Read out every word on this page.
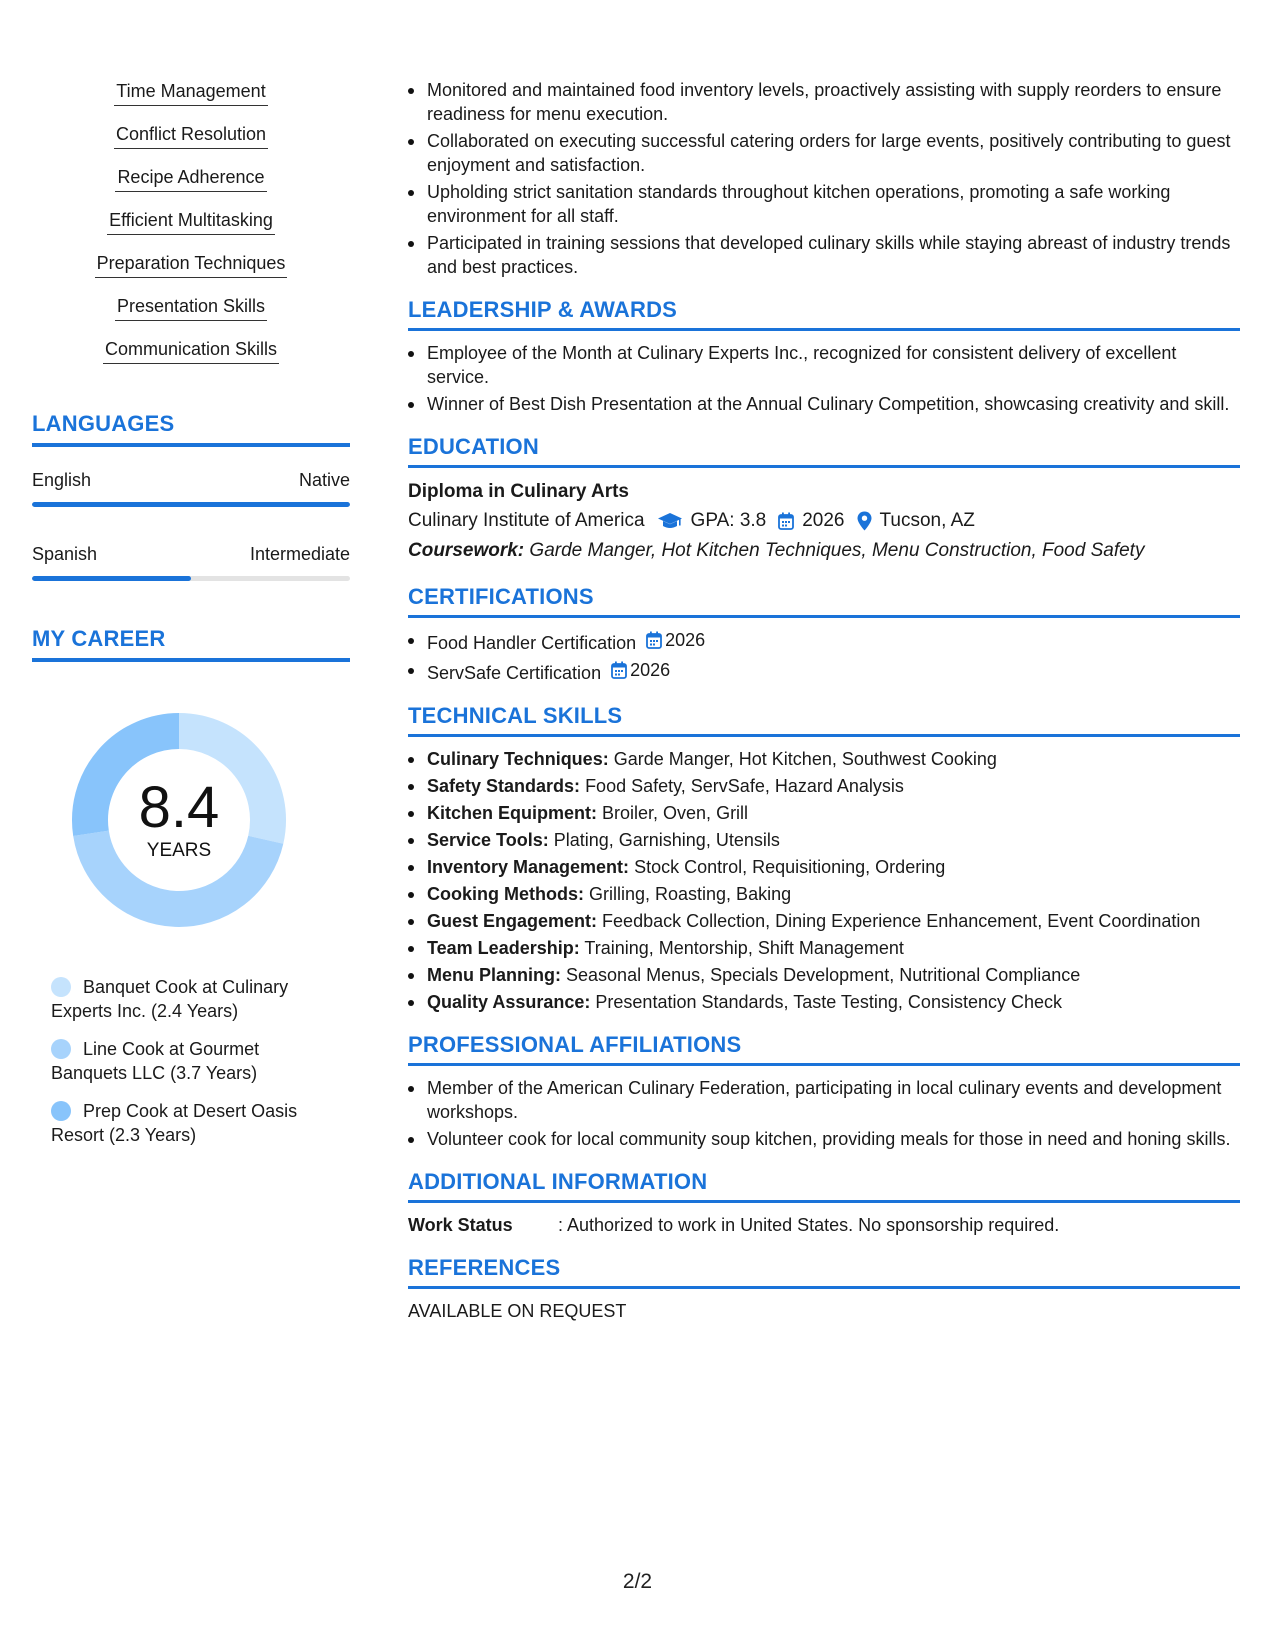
Time Management
Conflict Resolution
Recipe Adherence
Efficient Multitasking
Preparation Techniques
Presentation Skills
Communication Skills
LANGUAGES
English	Native
Spanish	Intermediate
MY CAREER
8.4
YEARS
Banquet Cook at Culinary Experts Inc. (2.4 Years)
Line Cook at Gourmet Banquets LLC (3.7 Years)
Prep Cook at Desert Oasis Resort (2.3 Years)
Monitored and maintained food inventory levels, proactively assisting with supply reorders to ensure readiness for menu execution.
Collaborated on executing successful catering orders for large events, positively contributing to guest enjoyment and satisfaction.
Upholding strict sanitation standards throughout kitchen operations, promoting a safe working environment for all staff.
Participated in training sessions that developed culinary skills while staying abreast of industry trends and best practices.
LEADERSHIP & AWARDS
Employee of the Month at Culinary Experts Inc., recognized for consistent delivery of excellent service.
Winner of Best Dish Presentation at the Annual Culinary Competition, showcasing creativity and skill.
EDUCATION
Diploma in Culinary Arts
Culinary Institute of America GPA: 3.8 2026 Tucson, AZ
Coursework: Garde Manger, Hot Kitchen Techniques, Menu Construction, Food Safety
CERTIFICATIONS
Food Handler Certification 2026
ServSafe Certification 2026
TECHNICAL SKILLS
Culinary Techniques: Garde Manger, Hot Kitchen, Southwest Cooking
Safety Standards: Food Safety, ServSafe, Hazard Analysis
Kitchen Equipment: Broiler, Oven, Grill
Service Tools: Plating, Garnishing, Utensils
Inventory Management: Stock Control, Requisitioning, Ordering
Cooking Methods: Grilling, Roasting, Baking
Guest Engagement: Feedback Collection, Dining Experience Enhancement, Event Coordination
Team Leadership: Training, Mentorship, Shift Management
Menu Planning: Seasonal Menus, Specials Development, Nutritional Compliance
Quality Assurance: Presentation Standards, Taste Testing, Consistency Check
PROFESSIONAL AFFILIATIONS
Member of the American Culinary Federation, participating in local culinary events and development workshops.
Volunteer cook for local community soup kitchen, providing meals for those in need and honing skills.
ADDITIONAL INFORMATION
Work Status	: Authorized to work in United States. No sponsorship required.
REFERENCES
AVAILABLE ON REQUEST
2/2
